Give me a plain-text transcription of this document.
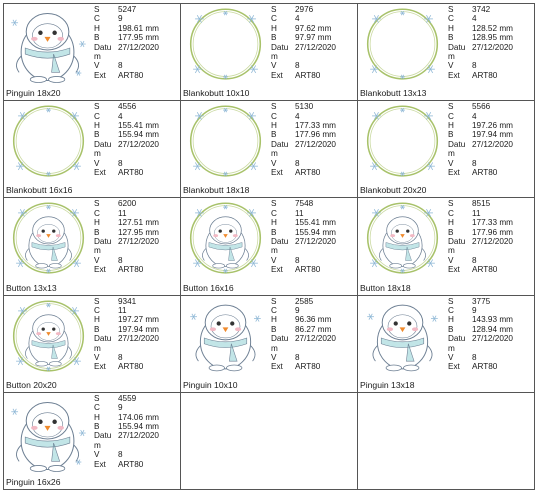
Pinguin 18x20
S	5247
C	9
H	198.61 mm
B	177.95 mm
Datu 27/12/2020
m
V	8
Ext	ART80
Blankobutt 10x10
S	2976
C	4
H	97.62 mm
B	97.97 mm
Datu 27/12/2020
m
V	8
Ext	ART80
Blankobutt 13x13
S	3742
C	4
H	128.52 mm
B	128.95 mm
Datu 27/12/2020
m
V	8
Ext	ART80
Blankobutt 16x16
S	4556
C	4
H	155.41 mm
B	155.94 mm
Datu 27/12/2020
m
V	8
Ext	ART80
Blankobutt 18x18
S	5130
C	4
H	177.33 mm
B	177.96 mm
Datu 27/12/2020
m
V	8
Ext	ART80
Blankobutt 20x20
S	5566
C	4
H	197.26 mm
B	197.94 mm
Datu 27/12/2020
m
V	8
Ext	ART80
Button 13x13
S	6200
C	11
H	127.51 mm
B	127.95 mm
Datu 27/12/2020
m
V	8
Ext	ART80
Button 16x16
S	7548
C	11
H	155.41 mm
B	155.94 mm
Datu 27/12/2020
m
V	8
Ext	ART80
Button 18x18
S	8515
C	11
H	177.33 mm
B	177.96 mm
Datu 27/12/2020
m
V	8
Ext	ART80
Button 20x20
S	9341
C	11
H	197.27 mm
B	197.94 mm
Datu 27/12/2020
m
V	8
Ext	ART80
Pinguin 10x10
S	2585
C	9
H	96.36 mm
B	86.27 mm
Datu 27/12/2020
m
V	8
Ext	ART80
Pinguin 13x18
S	3775
C	9
H	143.93 mm
B	128.94 mm
Datu 27/12/2020
m
V	8
Ext	ART80
Pinguin 16x26
S	4559
C	9
H	174.06 mm
B	155.94 mm
Datu 27/12/2020
m
V	8
Ext	ART80
